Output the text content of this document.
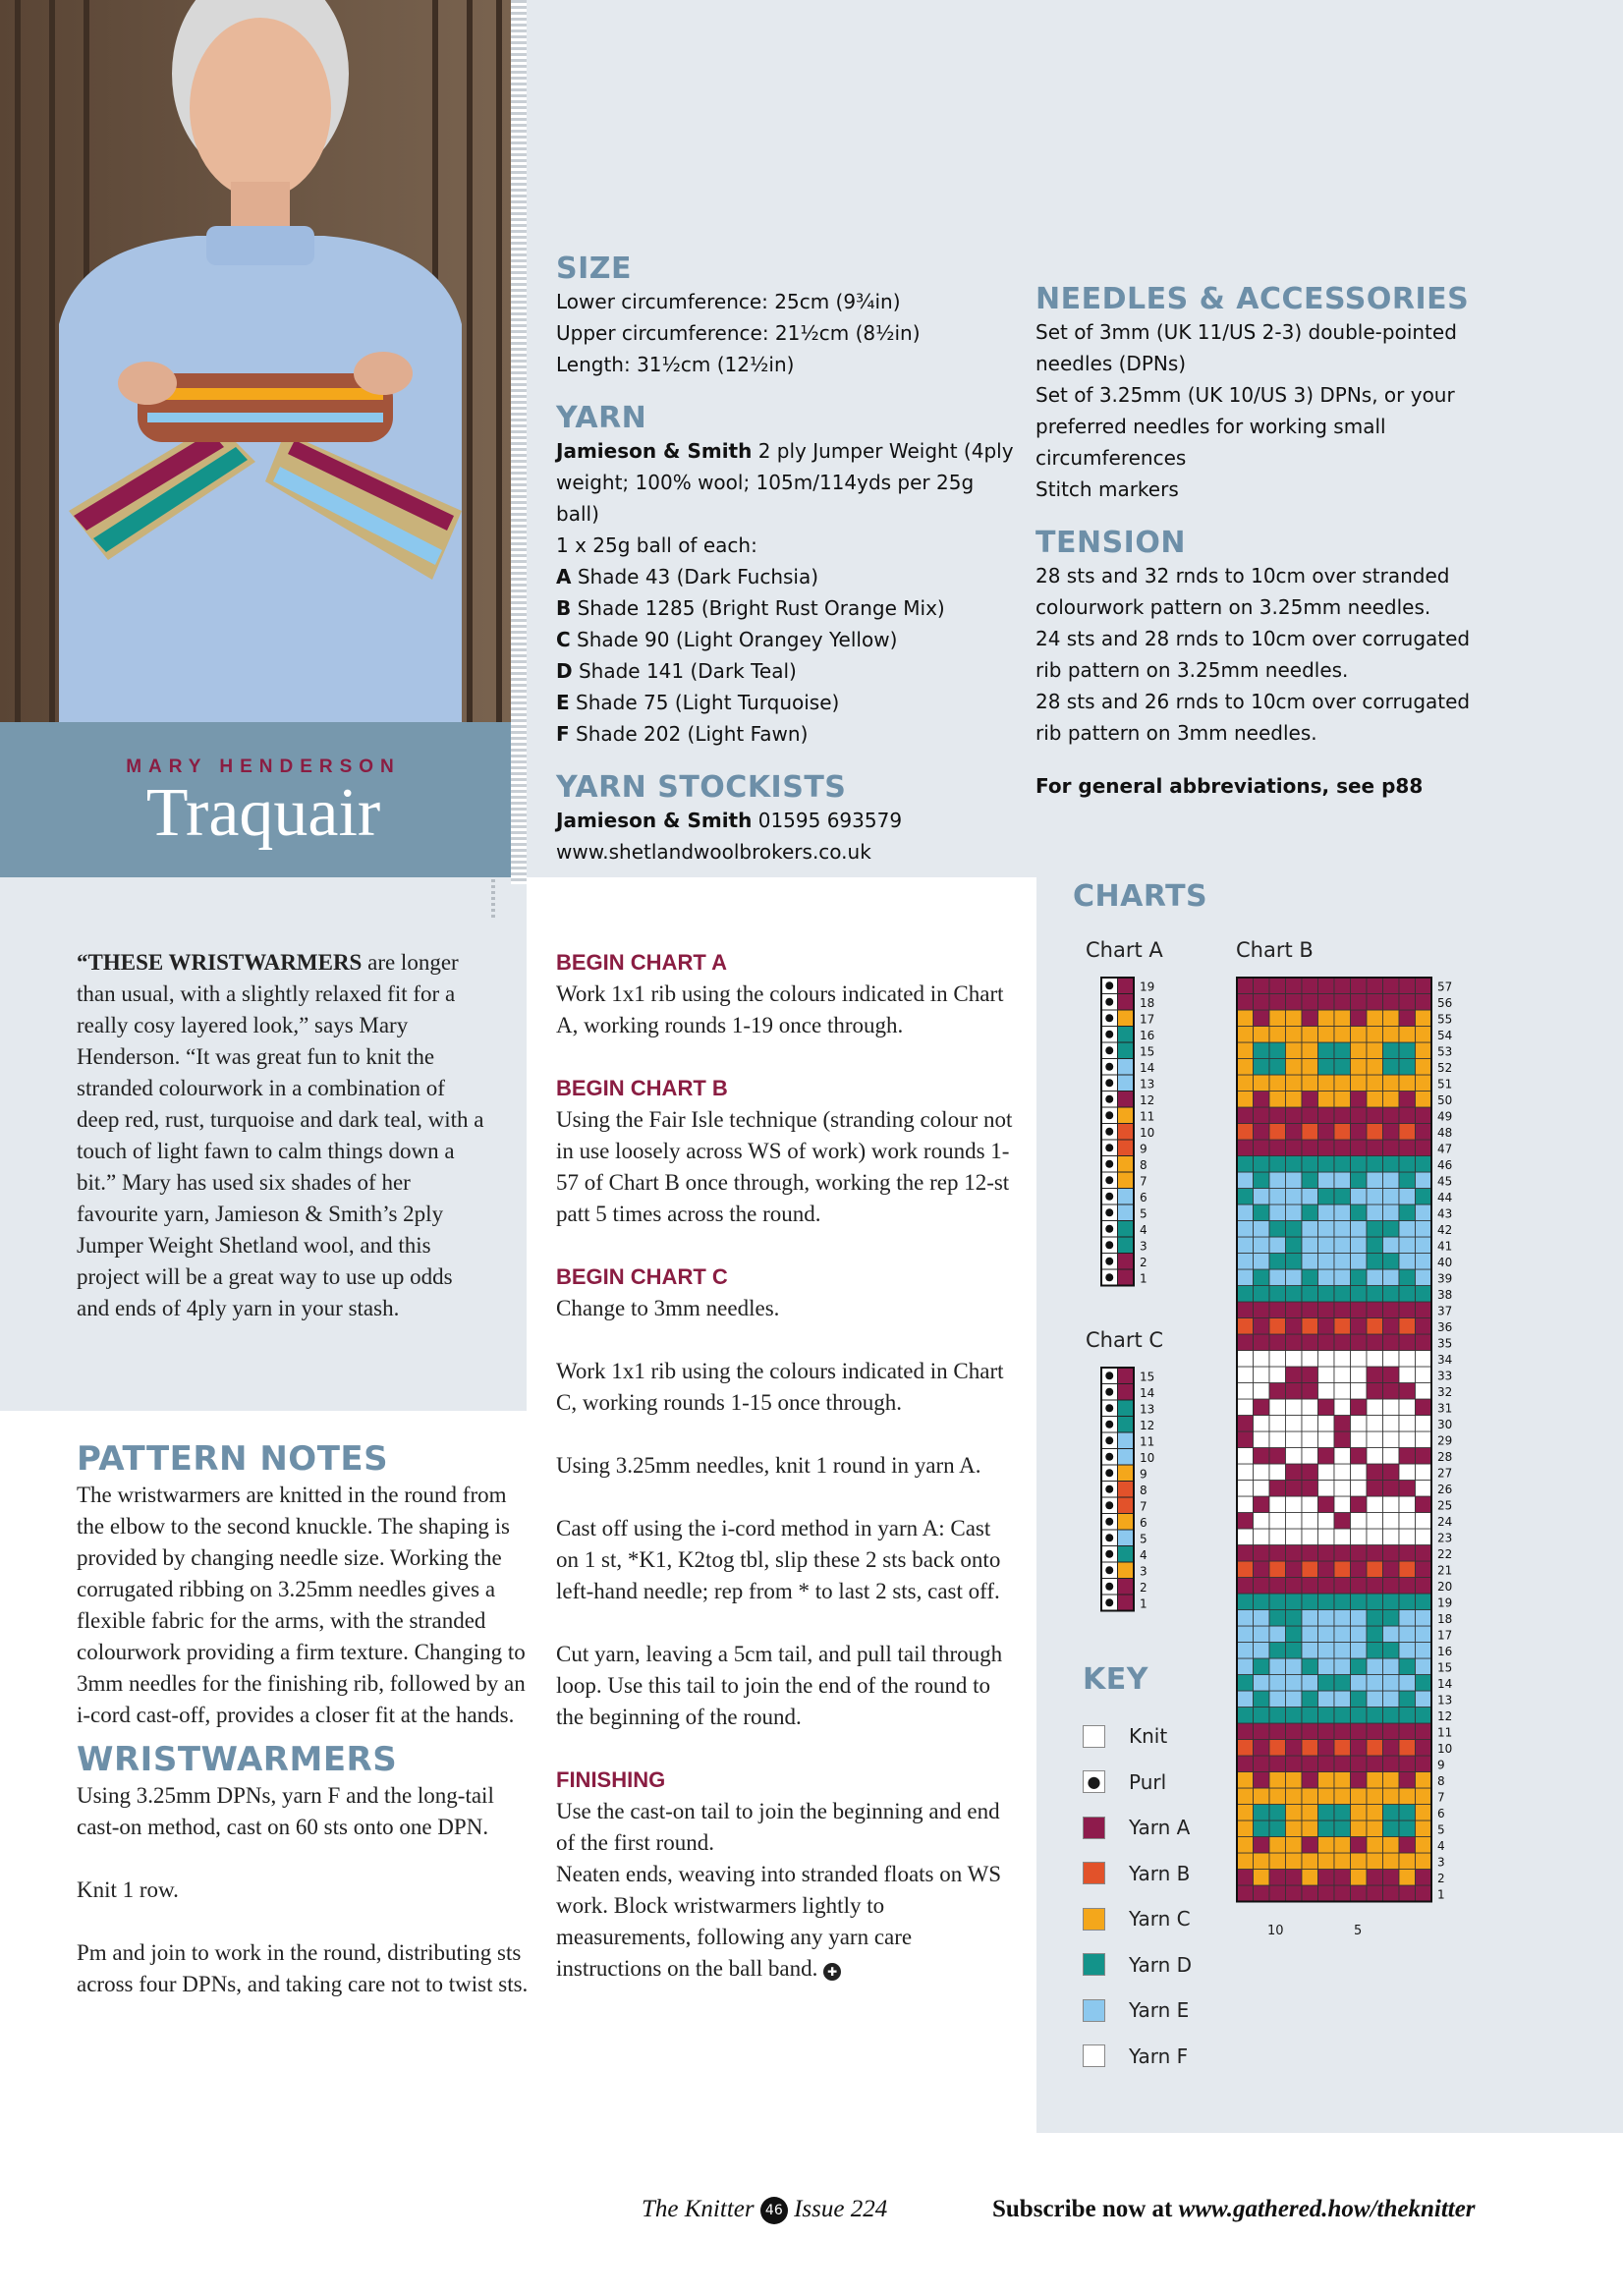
MARY HENDERSON
Traquair
SIZE
Lower circumference: 25cm (9¾in)
Upper circumference: 21½cm (8½in)
Length: 31½cm (12½in)
YARN
Jamieson & Smith 2 ply Jumper Weight (4ply weight; 100% wool; 105m/114yds per 25g ball)
1 x 25g ball of each:
A Shade 43 (Dark Fuchsia)
B Shade 1285 (Bright Rust Orange Mix)
C Shade 90 (Light Orangey Yellow)
D Shade 141 (Dark Teal)
E Shade 75 (Light Turquoise)
F Shade 202 (Light Fawn)
YARN STOCKISTS
Jamieson & Smith 01595 693579
www.shetlandwoolbrokers.co.uk
NEEDLES & ACCESSORIES
Set of 3mm (UK 11/US 2-3) double-pointed needles (DPNs)
Set of 3.25mm (UK 10/US 3) DPNs, or your preferred needles for working small circumferences
Stitch markers
TENSION
28 sts and 32 rnds to 10cm over stranded colourwork pattern on 3.25mm needles.
24 sts and 28 rnds to 10cm over corrugated rib pattern on 3.25mm needles.
28 sts and 26 rnds to 10cm over corrugated rib pattern on 3mm needles.
For general abbreviations, see p88
“THESE WRISTWARMERS are longer than usual, with a slightly relaxed fit for a really cosy layered look,” says Mary Henderson. “It was great fun to knit the stranded colourwork in a combination of deep red, rust, turquoise and dark teal, with a touch of light fawn to calm things down a bit.” Mary has used six shades of her favourite yarn, Jamieson & Smith’s 2ply Jumper Weight Shetland wool, and this project will be a great way to use up odds and ends of 4ply yarn in your stash.
PATTERN NOTES
The wristwarmers are knitted in the round from the elbow to the second knuckle. The shaping is provided by changing needle size. Working the corrugated ribbing on 3.25mm needles gives a flexible fabric for the arms, with the stranded colourwork providing a firm texture. Changing to 3mm needles for the finishing rib, followed by an i-cord cast-off, provides a closer fit at the hands.
WRISTWARMERS
Using 3.25mm DPNs, yarn F and the long-tail cast-on method, cast on 60 sts onto one DPN.
Knit 1 row.
Pm and join to work in the round, distributing sts across four DPNs, and taking care not to twist sts.
BEGIN CHART A
Work 1x1 rib using the colours indicated in Chart A, working rounds 1-19 once through.
BEGIN CHART B
Using the Fair Isle technique (stranding colour not in use loosely across WS of work) work rounds 1-57 of Chart B once through, working the rep 12-st patt 5 times across the round.
BEGIN CHART C
Change to 3mm needles.
Work 1x1 rib using the colours indicated in Chart C, working rounds 1-15 once through.
Using 3.25mm needles, knit 1 round in yarn A.
Cast off using the i-cord method in yarn A: Cast on 1 st, *K1, K2tog tbl, slip these 2 sts back onto left-hand needle; rep from * to last 2 sts, cast off.
Cut yarn, leaving a 5cm tail, and pull tail through loop. Use this tail to join the end of the round to the beginning of the round.
FINISHING
Use the cast-on tail to join the beginning and end of the first round.
Neaten ends, weaving into stranded floats on WS work. Block wristwarmers lightly to measurements, following any yarn care instructions on the ball band. ✚
CHARTS
Chart A	Chart B
Chart C
1
2
3
4
5
6
7
8
9
10
11
12
13
14
15
16
17
18
19
1
2
3
4
5
6
7
8
9
10
11
12
13
14
15
1
2
3
4
5
6
7
8
9
10
11
12
13
14
15
16
17
18
19
20
21
22
23
24
25
26
27
28
29
30
31
32
33
34
35
36
37
38
39
40
41
42
43
44
45
46
47
48
49
50
51
52
53
54
55
56
57
10	5
KEY
Knit
● Purl
Yarn A
Yarn B
Yarn C
Yarn D
Yarn E
Yarn F
The Knitter 46 Issue 224	Subscribe now at www.gathered.how/theknitter
